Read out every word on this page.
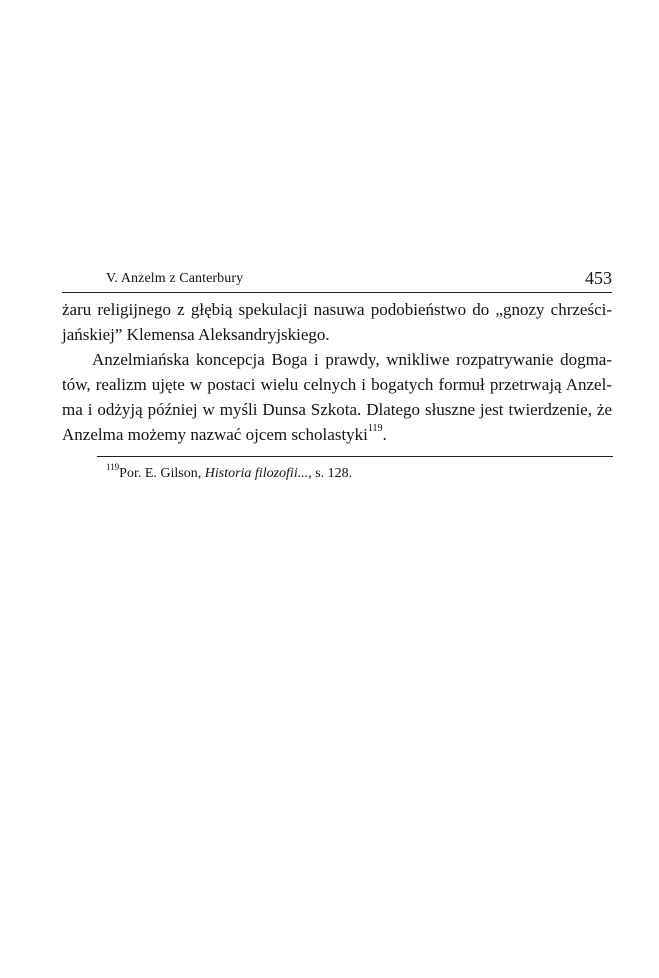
V. Anzelm z Canterbury	453
żaru religijnego z głębią spekulacji nasuwa podobieństwo do „gnozy chrześci-
jańskiej” Klemensa Aleksandryjskiego.
Anzelmiańska koncepcja Boga i prawdy, wnikliwe rozpatrywanie dogma-
tów, realizm ujęte w postaci wielu celnych i bogatych formuł przetrwają Anzel-
ma i odżyją później w myśli Dunsa Szkota. Dlatego słuszne jest twierdzenie, że
Anzelma możemy nazwać ojcem scholastyki$^{119}$.
$^{119}$Por. E. Gilson, Historia filozofii..., s. 128.
